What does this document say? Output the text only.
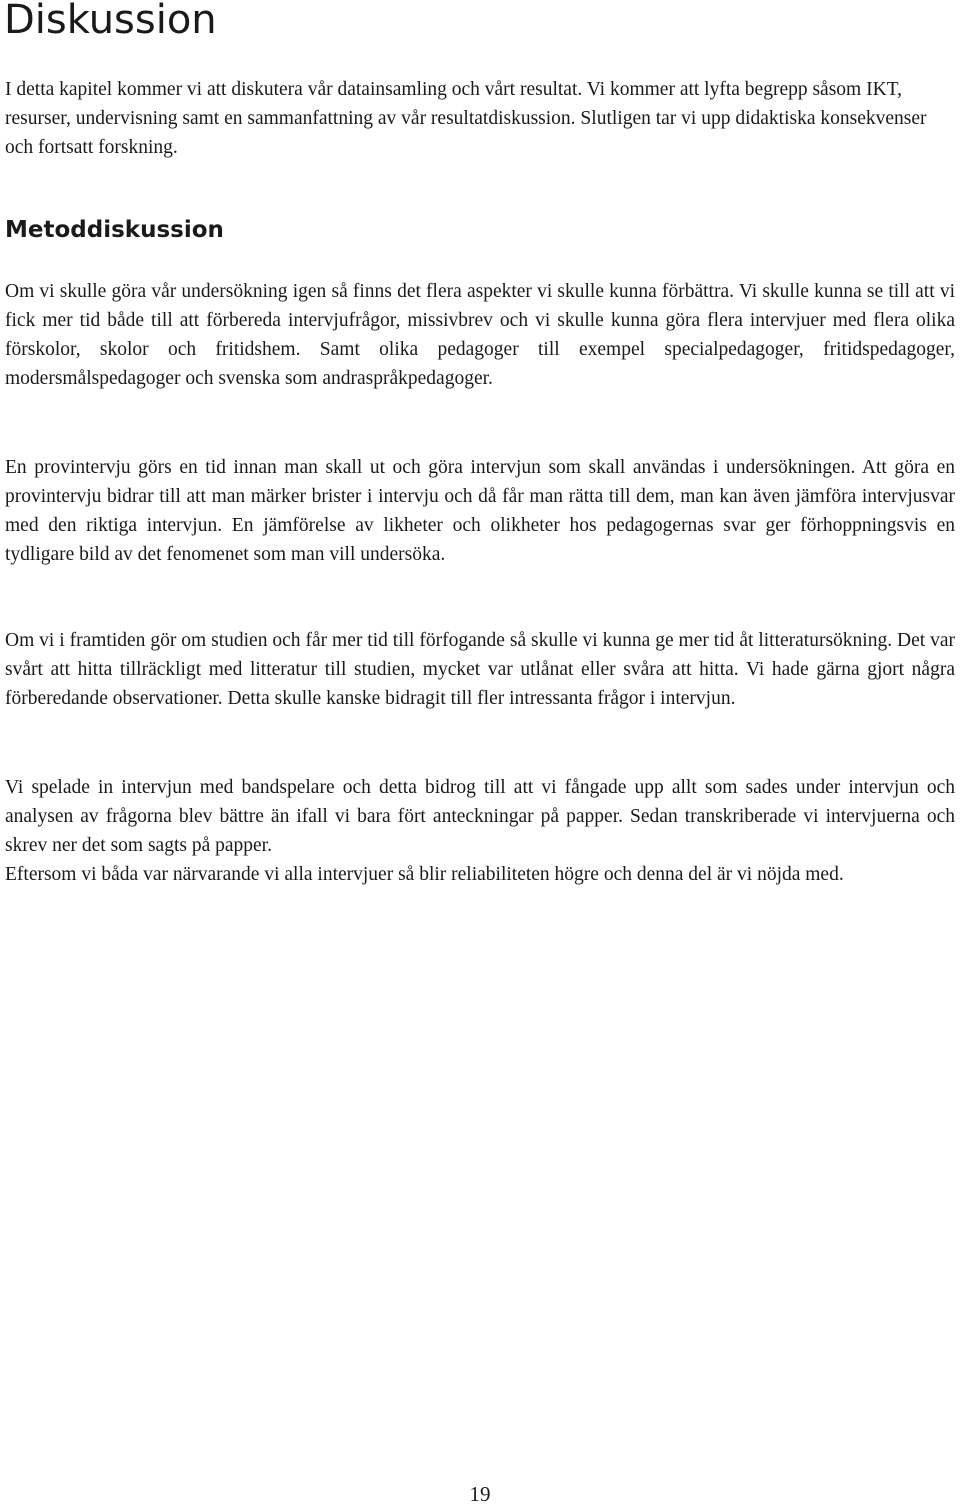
Diskussion

I detta kapitel kommer vi att diskutera vår datainsamling och vårt resultat. Vi kommer att lyfta begrepp såsom IKT, resurser, undervisning samt en sammanfattning av vår resultatdiskussion. Slutligen tar vi upp didaktiska konsekvenser och fortsatt forskning.

Metoddiskussion

Om vi skulle göra vår undersökning igen så finns det flera aspekter vi skulle kunna förbättra. Vi skulle kunna se till att vi fick mer tid både till att förbereda intervjufrågor, missivbrev och vi skulle kunna göra flera intervjuer med flera olika förskolor, skolor och fritidshem. Samt olika pedagoger till exempel specialpedagoger, fritidspedagoger, modersmålspedagoger och svenska som andraspråkpedagoger.

En provintervju görs en tid innan man skall ut och göra intervjun som skall användas i undersökningen. Att göra en provintervju bidrar till att man märker brister i intervju och då får man rätta till dem, man kan även jämföra intervjusvar med den riktiga intervjun. En jämförelse av likheter och olikheter hos pedagogernas svar ger förhoppningsvis en tydligare bild av det fenomenet som man vill undersöka.

Om vi i framtiden gör om studien och får mer tid till förfogande så skulle vi kunna ge mer tid åt litteratursökning. Det var svårt att hitta tillräckligt med litteratur till studien, mycket var utlånat eller svåra att hitta. Vi hade gärna gjort några förberedande observationer. Detta skulle kanske bidragit till fler intressanta frågor i intervjun.

Vi spelade in intervjun med bandspelare och detta bidrog till att vi fångade upp allt som sades under intervjun och analysen av frågorna blev bättre än ifall vi bara fört anteckningar på papper. Sedan transkriberade vi intervjuerna och skrev ner det som sagts på papper.

Eftersom vi båda var närvarande vi alla intervjuer så blir reliabiliteten högre och denna del är vi nöjda med.

19
